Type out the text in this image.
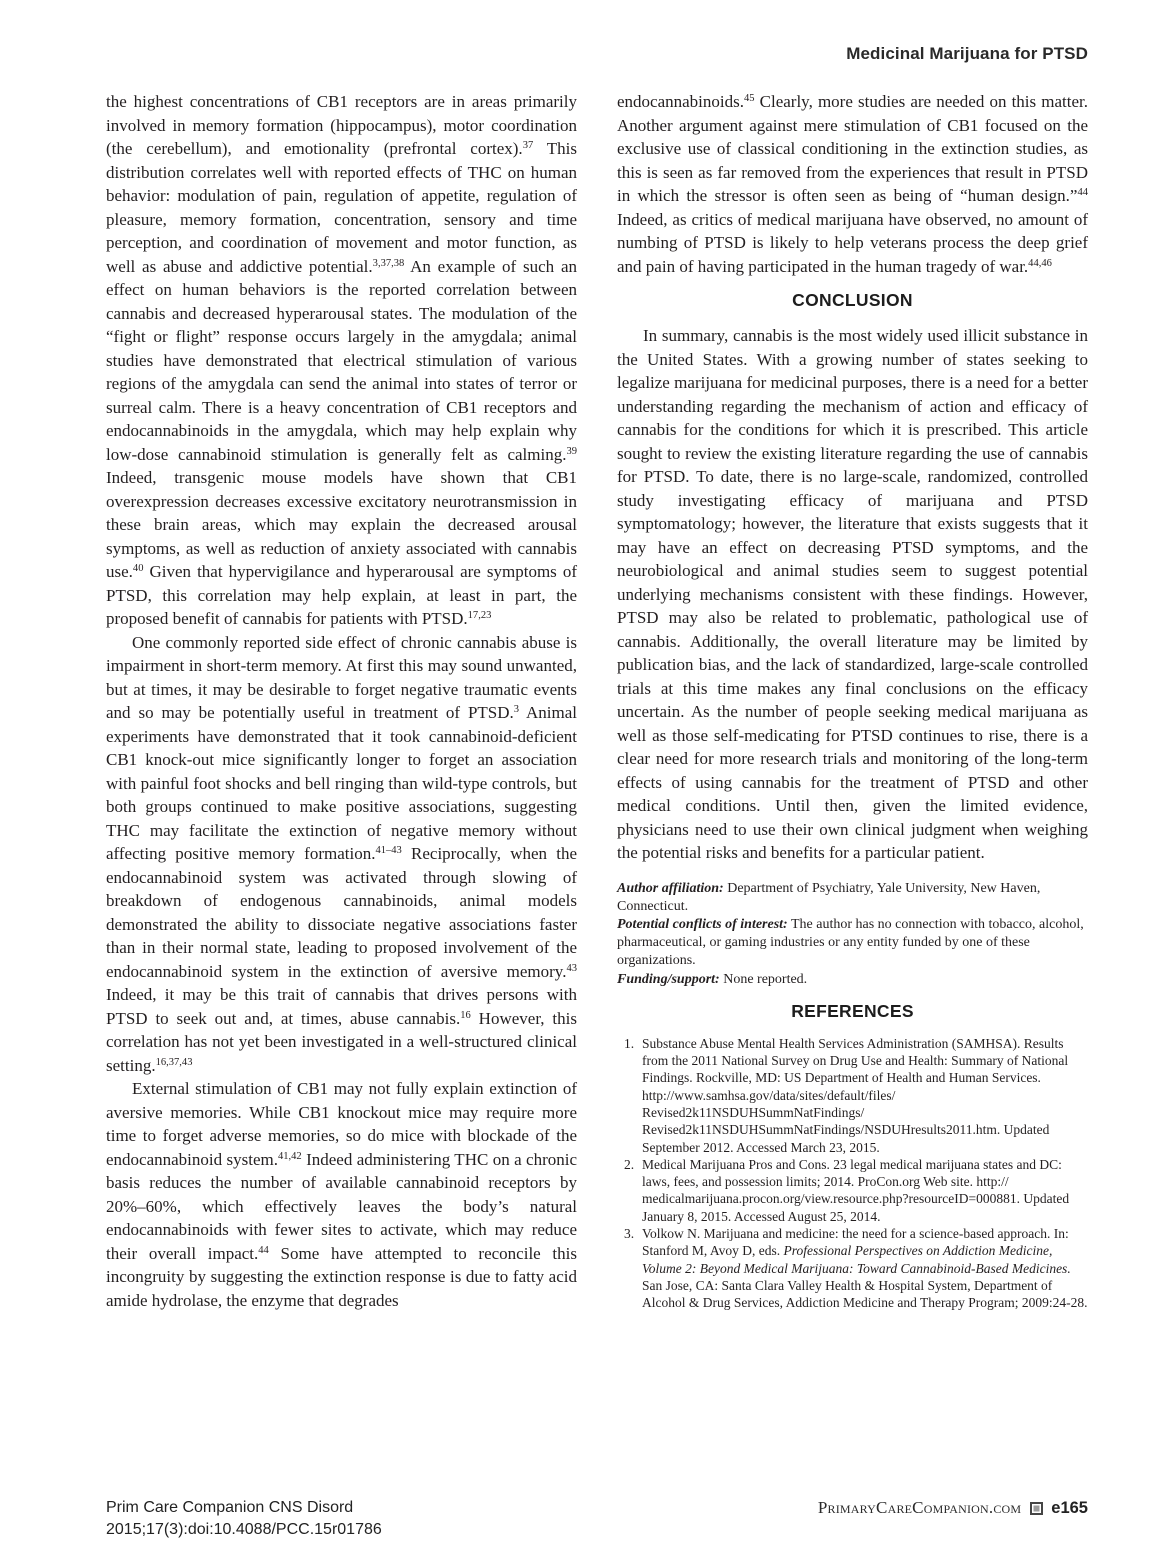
Medicinal Marijuana for PTSD

the highest concentrations of CB1 receptors are in areas primarily involved in memory formation (hippocampus), motor coordination (the cerebellum), and emotionality (prefrontal cortex).$^{37}$ This distribution correlates well with reported effects of THC on human behavior: modulation of pain, regulation of appetite, regulation of pleasure, memory formation, concentration, sensory and time perception, and coordination of movement and motor function, as well as abuse and addictive potential.$^{3,37,38}$ An example of such an effect on human behaviors is the reported correlation between cannabis and decreased hyperarousal states. The modulation of the “fight or flight” response occurs largely in the amygdala; animal studies have demonstrated that electrical stimulation of various regions of the amygdala can send the animal into states of terror or surreal calm. There is a heavy concentration of CB1 receptors and endocannabinoids in the amygdala, which may help explain why low-dose cannabinoid stimulation is generally felt as calming.$^{39}$ Indeed, transgenic mouse models have shown that CB1 overexpression decreases excessive excitatory neurotransmission in these brain areas, which may explain the decreased arousal symptoms, as well as reduction of anxiety associated with cannabis use.$^{40}$ Given that hypervigilance and hyperarousal are symptoms of PTSD, this correlation may help explain, at least in part, the proposed benefit of cannabis for patients with PTSD.$^{17,23}$

One commonly reported side effect of chronic cannabis abuse is impairment in short-term memory. At first this may sound unwanted, but at times, it may be desirable to forget negative traumatic events and so may be potentially useful in treatment of PTSD.$^3$ Animal experiments have demonstrated that it took cannabinoid-deficient CB1 knock-out mice significantly longer to forget an association with painful foot shocks and bell ringing than wild-type controls, but both groups continued to make positive associations, suggesting THC may facilitate the extinction of negative memory without affecting positive memory formation.$^{41-43}$ Reciprocally, when the endocannabinoid system was activated through slowing of breakdown of endogenous cannabinoids, animal models demonstrated the ability to dissociate negative associations faster than in their normal state, leading to proposed involvement of the endocannabinoid system in the extinction of aversive memory.$^{43}$ Indeed, it may be this trait of cannabis that drives persons with PTSD to seek out and, at times, abuse cannabis.$^{16}$ However, this correlation has not yet been investigated in a well-structured clinical setting.$^{16,37,43}$

External stimulation of CB1 may not fully explain extinction of aversive memories. While CB1 knockout mice may require more time to forget adverse memories, so do mice with blockade of the endocannabinoid system.$^{41,42}$ Indeed administering THC on a chronic basis reduces the number of available cannabinoid receptors by 20%–60%, which effectively leaves the body’s natural endocannabinoids with fewer sites to activate, which may reduce their overall impact.$^{44}$ Some have attempted to reconcile this incongruity by suggesting the extinction response is due to fatty acid amide hydrolase, the enzyme that degrades

endocannabinoids.$^{45}$ Clearly, more studies are needed on this matter. Another argument against mere stimulation of CB1 focused on the exclusive use of classical conditioning in the extinction studies, as this is seen as far removed from the experiences that result in PTSD in which the stressor is often seen as being of “human design.”$^{44}$ Indeed, as critics of medical marijuana have observed, no amount of numbing of PTSD is likely to help veterans process the deep grief and pain of having participated in the human tragedy of war.$^{44,46}$

CONCLUSION

In summary, cannabis is the most widely used illicit substance in the United States. With a growing number of states seeking to legalize marijuana for medicinal purposes, there is a need for a better understanding regarding the mechanism of action and efficacy of cannabis for the conditions for which it is prescribed. This article sought to review the existing literature regarding the use of cannabis for PTSD. To date, there is no large-scale, randomized, controlled study investigating efficacy of marijuana and PTSD symptomatology; however, the literature that exists suggests that it may have an effect on decreasing PTSD symptoms, and the neurobiological and animal studies seem to suggest potential underlying mechanisms consistent with these findings. However, PTSD may also be related to problematic, pathological use of cannabis. Additionally, the overall literature may be limited by publication bias, and the lack of standardized, large-scale controlled trials at this time makes any final conclusions on the efficacy uncertain. As the number of people seeking medical marijuana as well as those self-medicating for PTSD continues to rise, there is a clear need for more research trials and monitoring of the long-term effects of using cannabis for the treatment of PTSD and other medical conditions. Until then, given the limited evidence, physicians need to use their own clinical judgment when weighing the potential risks and benefits for a particular patient.

Author affiliation: Department of Psychiatry, Yale University, New Haven, Connecticut.

Potential conflicts of interest: The author has no connection with tobacco, alcohol, pharmaceutical, or gaming industries or any entity funded by one of these organizations.

Funding/support: None reported.

REFERENCES
1. Substance Abuse Mental Health Services Administration (SAMHSA). Results from the 2011 National Survey on Drug Use and Health: Summary of National Findings. Rockville, MD: US Department of Health and Human Services. http://www.samhsa.gov/data/sites/default/files/
Revised2k11NSDUHSummNatFindings/
Revised2k11NSDUHSummNatFindings/NSDUHresults2011.htm. Updated September 2012. Accessed March 23, 2015.
2. Medical Marijuana Pros and Cons. 23 legal medical marijuana states and DC: laws, fees, and possession limits; 2014. ProCon.org Web site. http://
medicalmarijuana.procon.org/view.resource.php?resourceID=000881. Updated January 8, 2015. Accessed August 25, 2014.
3. Volkow N. Marijuana and medicine: the need for a science-based approach. In: Stanford M, Avoy D, eds. Professional Perspectives on Addiction Medicine, Volume 2: Beyond Medical Marijuana: Toward Cannabinoid-Based Medicines. San Jose, CA: Santa Clara Valley Health & Hospital System, Department of Alcohol & Drug Services, Addiction Medicine and Therapy Program; 2009:24-28.
Prim Care Companion CNS Disord
2015;17(3):doi:10.4088/PCC.15r01786
PrimaryCareCompanion.com e165
